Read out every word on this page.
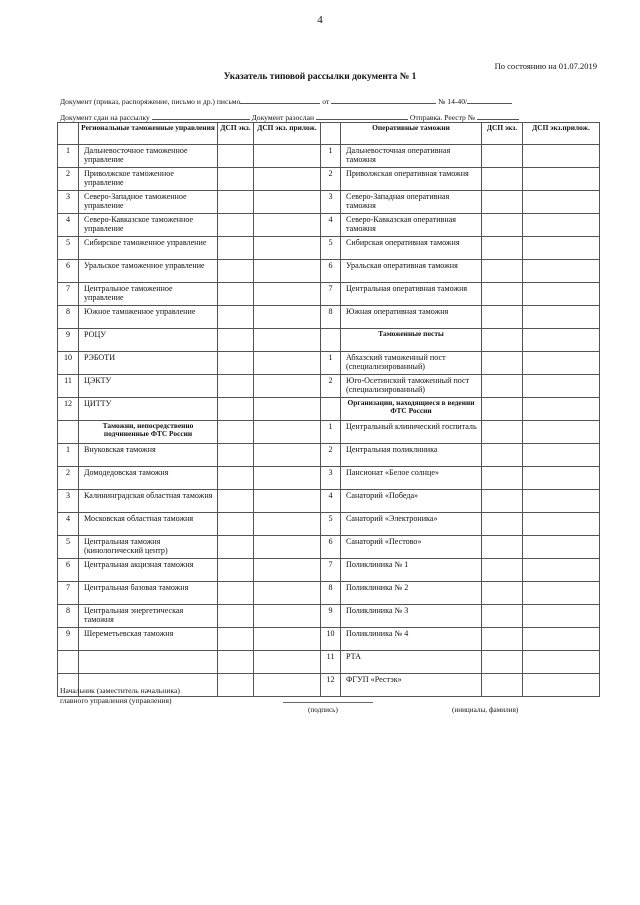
4
По состоянию на 01.07.2019
Указатель типовой рассылки документа № 1
Документ (приказ, распоряжение, письмо и др.) письмо	от	№ 14-40/
Документ сдан на рассылку	Документ разослан	Отправка. Реестр №
	Региональные таможенные управления	ДСП экз.	ДСП экз. прилож.		Оперативные таможни	ДСП экз.	ДСП экз.прилож.
1	Дальневосточное таможенное управление			1	Дальневосточная оперативная таможня		
2	Приволжское таможенное управление			2	Приволжская оперативная таможня		
3	Северо-Западное таможенное управление			3	Северо-Западная оперативная таможня		
4	Северо-Кавказское таможенное управление			4	Северо-Кавказская оперативная таможня		
5	Сибирское таможенное управление			5	Сибирская оперативная таможня		
6	Уральское таможенное управление			6	Уральская оперативная таможня		
7	Центральное таможенное управление			7	Центральная оперативная таможня		
8	Южное таможенное управление			8	Южная оперативная таможня		
9	РОЦУ				Таможенные посты		
10	РЭБОТИ			1	Абхазский таможенный пост (специализированный)		
11	ЦЭКТУ			2	Юго-Осетинский таможенный пост (специализированный)		
12	ЦИТТУ				Организации, находящиеся в ведении ФТС России		
	Таможни, непосредственно подчиненные ФТС России			1	Центральный клинический госпиталь		
1	Внуковская таможня			2	Центральная поликлиника		
2	Домодедовская таможня			3	Пансионат «Белое солнце»		
3	Калининградская областная таможня			4	Санаторий «Победа»		
4	Московская областная таможня			5	Санаторий «Электроника»		
5	Центральная таможня (кинологический центр)			6	Санаторий «Пестово»		
6	Центральная акцизная таможня			7	Поликлиника № 1		
7	Центральная базовая таможня			8	Поликлиника № 2		
8	Центральная энергетическая таможня			9	Поликлиника № 3		
9	Шереметьевская таможня			10	Поликлиника № 4		
				11	РТА		
				12	ФГУП «Рестэк»		
Начальник (заместитель начальника)
главного управления (управления)
(подпись)	(инициалы, фамилия)
